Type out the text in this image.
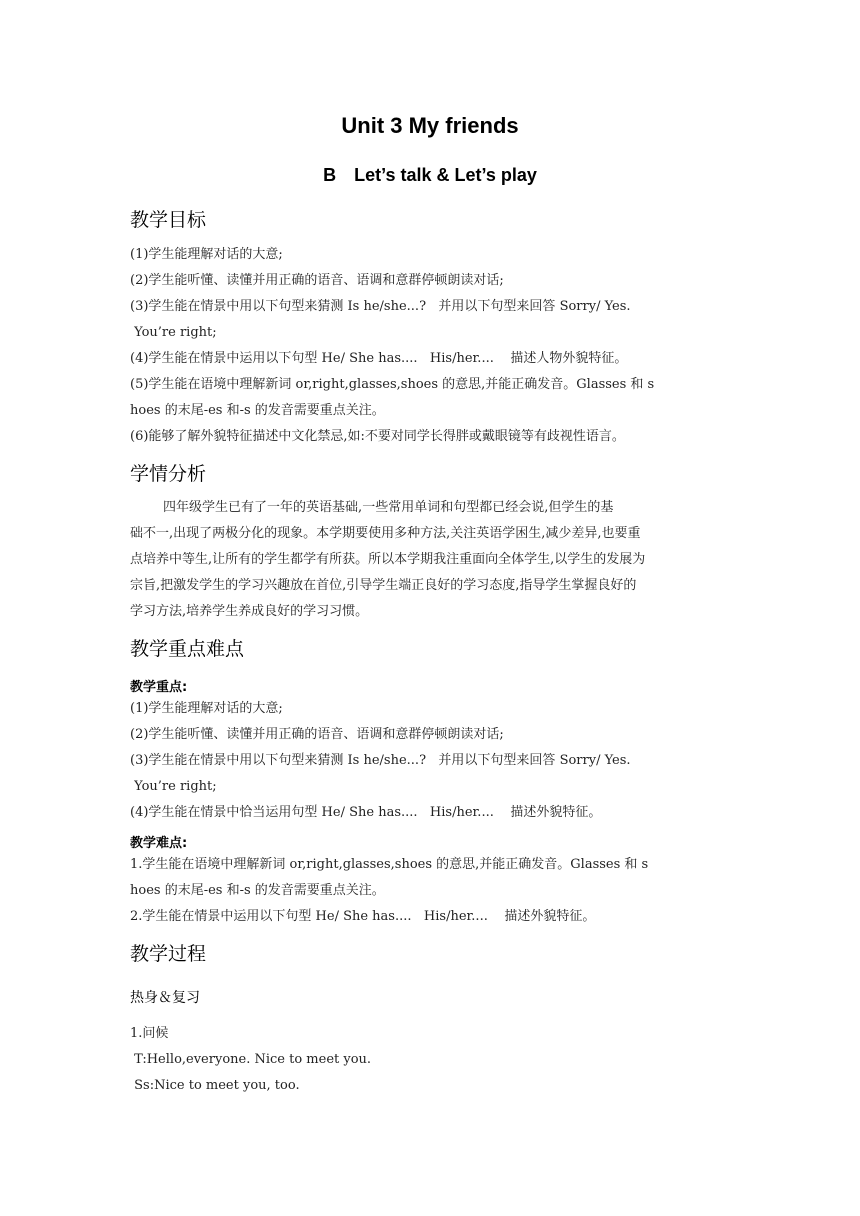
Unit 3 My friends
B　Let’s talk & Let’s play
教学目标
(1)学生能理解对话的大意;
(2)学生能听懂、读懂并用正确的语音、语调和意群停顿朗读对话;
(3)学生能在情景中用以下句型来猜测 Is he/she...?   并用以下句型来回答 Sorry/ Yes.
You’re right;
(4)学生能在情景中运用以下句型 He/ She has....   His/her....    描述人物外貌特征。
(5)学生能在语境中理解新词 or,right,glasses,shoes 的意思,并能正确发音。Glasses 和 s
hoes 的末尾-es 和-s 的发音需要重点关注。
(6)能够了解外貌特征描述中文化禁忌,如:不要对同学长得胖或戴眼镜等有歧视性语言。
学情分析
四年级学生已有了一年的英语基础,一些常用单词和句型都已经会说,但学生的基
础不一,出现了两极分化的现象。本学期要使用多种方法,关注英语学困生,减少差异,也要重
点培养中等生,让所有的学生都学有所获。所以本学期我注重面向全体学生,以学生的发展为
宗旨,把激发学生的学习兴趣放在首位,引导学生端正良好的学习态度,指导学生掌握良好的
学习方法,培养学生养成良好的学习习惯。
教学重点难点
教学重点:
(1)学生能理解对话的大意;
(2)学生能听懂、读懂并用正确的语音、语调和意群停顿朗读对话;
(3)学生能在情景中用以下句型来猜测 Is he/she...?   并用以下句型来回答 Sorry/ Yes.
You’re right;
(4)学生能在情景中恰当运用句型 He/ She has....   His/her....    描述外貌特征。
教学难点:
1.学生能在语境中理解新词 or,right,glasses,shoes 的意思,并能正确发音。Glasses 和 s
hoes 的末尾-es 和-s 的发音需要重点关注。
2.学生能在情景中运用以下句型 He/ She has....   His/her....    描述外貌特征。
教学过程
热身＆复习
1.问候
T:Hello,everyone. Nice to meet you.
Ss:Nice to meet you, too.
